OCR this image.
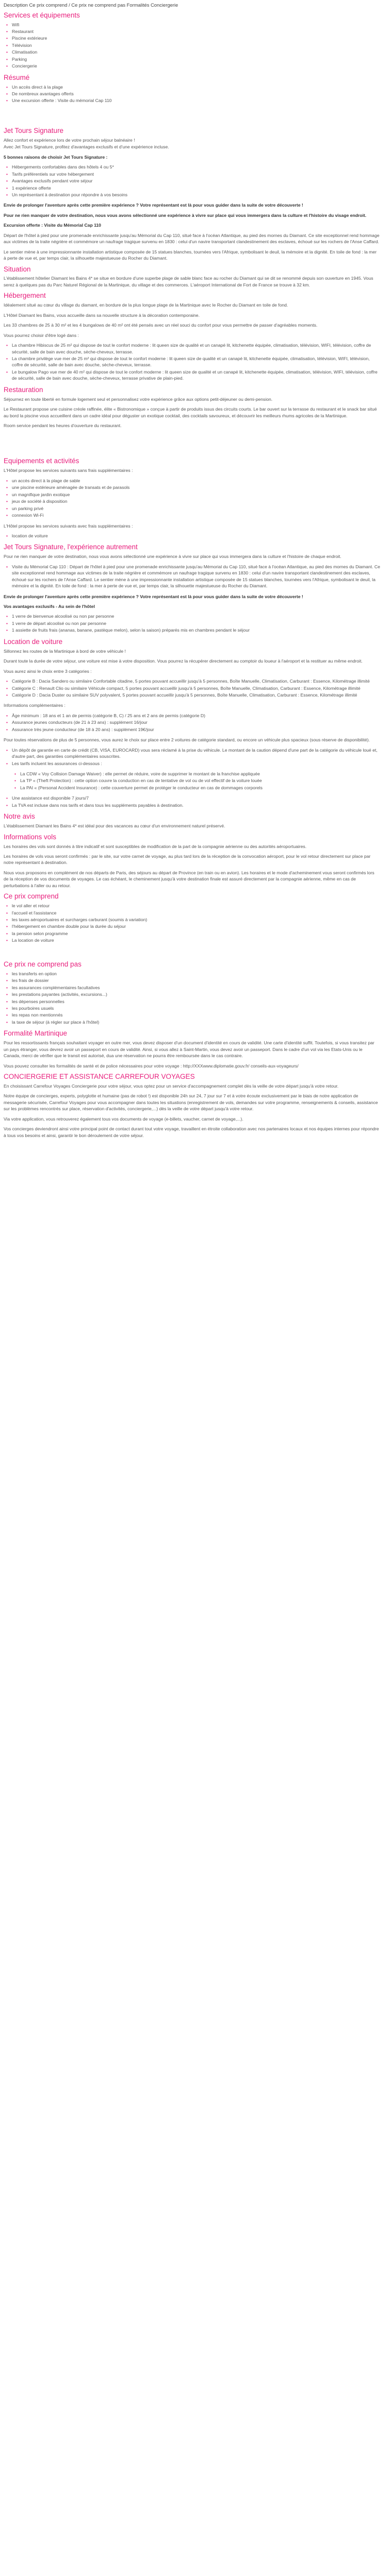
Description Ce prix comprend / Ce prix ne comprend pas Formalités Conciergerie
Services et équipements
• Wifi
• Restaurant
• Piscine extérieure
• Télévision
• Climatisation
• Parking
• Conciergerie
Résumé
• Un accès direct à la plage
• De nombreux avantages offerts
• Une excursion offerte : Visite du mémorial Cap 110
Jet Tours Signature

Allez confort et expérience lors de votre prochain séjour balnéaire !

Avec Jet Tours Signature, profitez d'avantages exclusifs et d'une expérience incluse.

5 bonnes raisons de choisir Jet Tours Signature :

• Hébergements confortables dans des hôtels 4 ou 5*
• Tarifs préférentiels sur votre hébergement
• Avantages exclusifs pendant votre séjour
• 1 expérience offerte
• Un représentant à destination pour répondre à vos besoins

Envie de prolonger l'aventure après cette première expérience ? Votre représentant est là pour vous guider dans la suite de votre découverte !

Pour ne rien manquer de votre destination, nous vous avons sélectionné une expérience à vivre sur place qui vous immergera dans la culture et l'histoire du visage endroit.

Excursion offerte : Visite du Mémorial Cap 110

Départ de l'hôtel à pied pour une promenade enrichissante jusqu'au Mémorial du Cap 110, situé face à l'océan Atlantique, au pied des mornes du Diamant. Ce site exceptionnel rend hommage aux victimes de la traite négrière et commémore un naufrage tragique survenu en 1830 : celui d'un navire transportant clandestinement des esclaves, échoué sur les rochers de l'Anse Caffard.

Le sentier mène à une impressionnante installation artistique composée de 15 statues blanches, tournées vers l'Afrique, symbolisant le deuil, la mémoire et la dignité. En toile de fond : la mer à perte de vue et, par temps clair, la silhouette majestueuse du Rocher du Diamant.

Situation

L'établissement hôtelier Diamant les Bains 4* se situe en bordure d'une superbe plage de sable blanc face au rocher du Diamant qui se dit se renommé depuis son ouverture en 1945. Vous serez à quelques pas du Parc Naturel Régional de la Martinique, du village et des commerces. L'aéroport International de Fort de France se trouve à 32 km.

Hébergement

Idéalement situé au cœur du village du diamant, en bordure de la plus longue plage de la Martinique avec le Rocher du Diamant en toile de fond.

L'Hôtel Diamant les Bains, vous accueille dans sa nouvelle structure à la décoration contemporaine.

Les 33 chambres de 25 à 30 m² et les 4 bungalows de 40 m² ont été pensés avec un réel souci du confort pour vous permettre de passer d'agréables moments.

Vous pourrez choisir d'être logé dans :

• La chambre Hibiscus de 25 m² qui dispose de tout le confort moderne : lit queen size de qualité et un canapé lit, kitchenette équipée, climatisation, télévision, WIFI, télévision, coffre de sécurité, salle de bain avec douche, sèche-cheveux, terrasse.
• La chambre privilège vue mer de 25 m² qui dispose de tout le confort moderne : lit queen size de qualité et un canapé lit, kitchenette équipée, climatisation, télévision, WIFI, télévision, coffre de sécurité, salle de bain avec douche, sèche-cheveux, terrasse.
• Le bungalow Pago vue mer de 40 m² qui dispose de tout le confort moderne : lit queen size de qualité et un canapé lit, kitchenette équipée, climatisation, télévision, WIFI, télévision, coffre de sécurité, salle de bain avec douche, sèche-cheveux, terrasse privative de plain-pied.
Restauration

Séjournez en toute liberté en formule logement seul et personnalisez votre expérience grâce aux options petit-déjeuner ou demi-pension.

Le Restaurant propose une cuisine créole raffinée, élite « Bistronomique » conçue à partir de produits issus des circuits courts. Le bar ouvert sur la terrasse du restaurant et le snack bar situé au bord la piscine vous accueillent dans un cadre idéal pour déguster un exotique cocktail, des cocktails savoureux, et découvrir les meilleurs rhums agricoles de la Martinique.

Room service pendant les heures d'ouverture du restaurant.

Equipements et activités

L'Hôtel propose les services suivants sans frais supplémentaires :

• un accès direct à la plage de sable
• une piscine extérieure aménagée de transats et de parasols
• un magnifique jardin exotique
• jeux de société à disposition
• un parking privé
• connexion Wi-Fi

L'Hôtel propose les services suivants avec frais supplémentaires :

• location de voiture
Jet Tours Signature, l'expérience autrement

Pour ne rien manquer de votre destination, nous vous avons sélectionné une expérience à vivre sur place qui vous immergera dans la culture et l'histoire de chaque endroit.

• Visite du Mémorial Cap 110 : Départ de l'hôtel à pied pour une promenade enrichissante jusqu'au Mémorial du Cap 110, situé face à l'océan Atlantique, au pied des mornes du Diamant. Ce site exceptionnel rend hommage aux victimes de la traite négrière et commémore un naufrage tragique survenu en 1830 : celui d'un navire transportant clandestinement des esclaves, échoué sur les rochers de l'Anse Caffard. Le sentier mène à une impressionnante installation artistique composée de 15 statues blanches, tournées vers l'Afrique, symbolisant le deuil, la mémoire et la dignité. En toile de fond : la mer à perte de vue et, par temps clair, la silhouette majestueuse du Rocher du Diamant.

Envie de prolonger l'aventure après cette première expérience ? Votre représentant est là pour vous guider dans la suite de votre découverte !

Vos avantages exclusifs - Au sein de l'hôtel

• 1 verre de bienvenue alcoolisé ou non par personne
• 1 verre de départ alcoolisé ou non par personne
• 1 assiette de fruits frais (ananas, banane, pastèque melon), selon la saison) préparés mis en chambres pendant le séjour
Location de voiture

Sillonnez les routes de la Martinique à bord de votre véhicule !

Durant toute la durée de votre séjour, une voiture est mise à votre disposition. Vous pourrez la récupérer directement au comptoir du loueur à l'aéroport et la restituer au même endroit.

Vous aurez ainsi le choix entre 3 catégories :

• Catégorie B : Dacia Sandero ou similaire Confortable citadine, 5 portes pouvant accueillir jusqu'à 5 personnes, Boîte Manuelle, Climatisation, Carburant : Essence, Kilométrage illimité
• Catégorie C : Renault Clio ou similaire Véhicule compact, 5 portes pouvant accueillir jusqu'à 5 personnes, Boîte Manuelle, Climatisation, Carburant : Essence, Kilométrage illimité
• Catégorie D : Dacia Duster ou similaire SUV polyvalent, 5 portes pouvant accueillir jusqu'à 5 personnes, Boîte Manuelle, Climatisation, Carburant : Essence, Kilométrage illimité

Informations complémentaires :

• Âge minimum : 18 ans et 1 an de permis (catégorie B, C) / 25 ans et 2 ans de permis (catégorie D)
• Assurance jeunes conducteurs (de 21 à 23 ans) : supplément 16/jour
• Assurance très jeune conducteur (de 18 à 20 ans) : supplément 19€/jour

Pour toutes réservations de plus de 5 personnes, vous aurez le choix sur place entre 2 voitures de catégorie standard, ou encore un véhicule plus spacieux (sous réserve de disponibilité).

• Un dépôt de garantie en carte de crédit (CB, VISA, EUROCARD) vous sera réclamé à la prise du véhicule. Le montant de la caution dépend d'une part de la catégorie du véhicule loué et, d'autre part, des garanties complémentaires souscrites.
• Les tarifs incluent les assurances ci-dessous :
• La CDW « Voy Collision Damage Waiver) : elle permet de réduire, voire de supprimer le montant de la franchise appliquée
• La TP « (Theft Protection) : cette option couvre la conduction en cas de tentative de vol ou de vol effectif de la voiture louée
• La PAI « (Personal Accident Insurance) : cette couverture permet de protéger le conducteur en cas de dommages corporels
• Une assistance est disponible 7 jours/7
• La TVA est incluse dans nos tarifs et dans tous les suppléments payables à destination.
Notre avis

L'établissement Diamant les Bains 4* est idéal pour des vacances au cœur d'un environnement naturel préservé.

Informations vols

Les horaires des vols sont donnés à titre indicatif et sont susceptibles de modification de la part de la compagnie aérienne ou des autorités aéroportuaires.

Les horaires de vols vous seront confirmés : par le site, sur votre carnet de voyage, au plus tard lors de la réception de la convocation aéroport, pour le vol retour directement sur place par notre représentant à destination.

Nous vous proposons en complément de nos départs de Paris, des séjours au départ de Province (en train ou en avion). Les horaires et le mode d'acheminement vous seront confirmés lors de la réception de vos documents de voyages. Le cas échéant, le cheminement jusqu'à votre destination finale est assuré directement par la compagnie aérienne, même en cas de perturbations à l'aller ou au retour.

Ce prix comprend
• le vol aller et retour
• l'accueil et l'assistance
• les taxes aéroportuaires et surcharges carburant (soumis à variation)
• l'hébergement en chambre double pour la durée du séjour
• la pension selon programme
• La location de voiture
Ce prix ne comprend pas
• les transferts en option
• les frais de dossier
• les assurances complémentaires facultatives
• les prestations payantes (activités, excursions...)
• les dépenses personnelles
• les pourboires usuels
• les repas non mentionnés
• la taxe de séjour (à régler sur place à l'hôtel)
Formalité Martinique

Pour les ressortissants français souhaitant voyager en outre mer, vous devez disposer d'un document d'identité en cours de validité. Une carte d'identité suffit. Toutefois, si vous transitez par un pays étranger, vous devrez avoir un passeport en cours de validité. Ainsi, si vous allez à Saint-Martin, vous devez avoir un passeport. Dans le cadre d'un vol via les Etats-Unis ou le Canada, merci de vérifier que le transit est autorisé, dua une réservation ne pourra être remboursée dans le cas contraire.

Vous pouvez consulter les formalités de santé et de police nécessaires pour votre voyage : http://XXXwww.diplomatie.gouv.fr/ conseils-aux-voyageurs/

CONCIERGERIE ET ASSISTANCE CARREFOUR VOYAGES

En choisissant Carrefour Voyages Conciergerie pour votre séjour, vous optez pour un service d'accompagnement complet dès la veille de votre départ jusqu'à votre retour.

Notre équipe de concierges, experts, polyglotte et humaine (pas de robot !) est disponible 24h sur 24, 7 jour sur 7 et à votre écoute exclusivement par le biais de notre application de messagerie sécurisée, Carrefour Voyages pour vous accompagner dans toutes les situations (enregistrement de vols, demandes sur votre programme, renseignements & conseils, assistance sur les problèmes rencontrés sur place, réservation d'activités, conciergerie,...) dès la veille de votre départ jusqu'à votre retour.

Via votre application, vous retrouverez également tous vos documents de voyage (e-billets, vaucher, carnet de voyage,...).

Vos concierges deviendront ainsi votre principal point de contact durant tout votre voyage, travaillent en étroite collaboration avec nos partenaires locaux et nos équipes internes pour répondre à tous vos besoins et ainsi, garantir le bon déroulement de votre séjour.
